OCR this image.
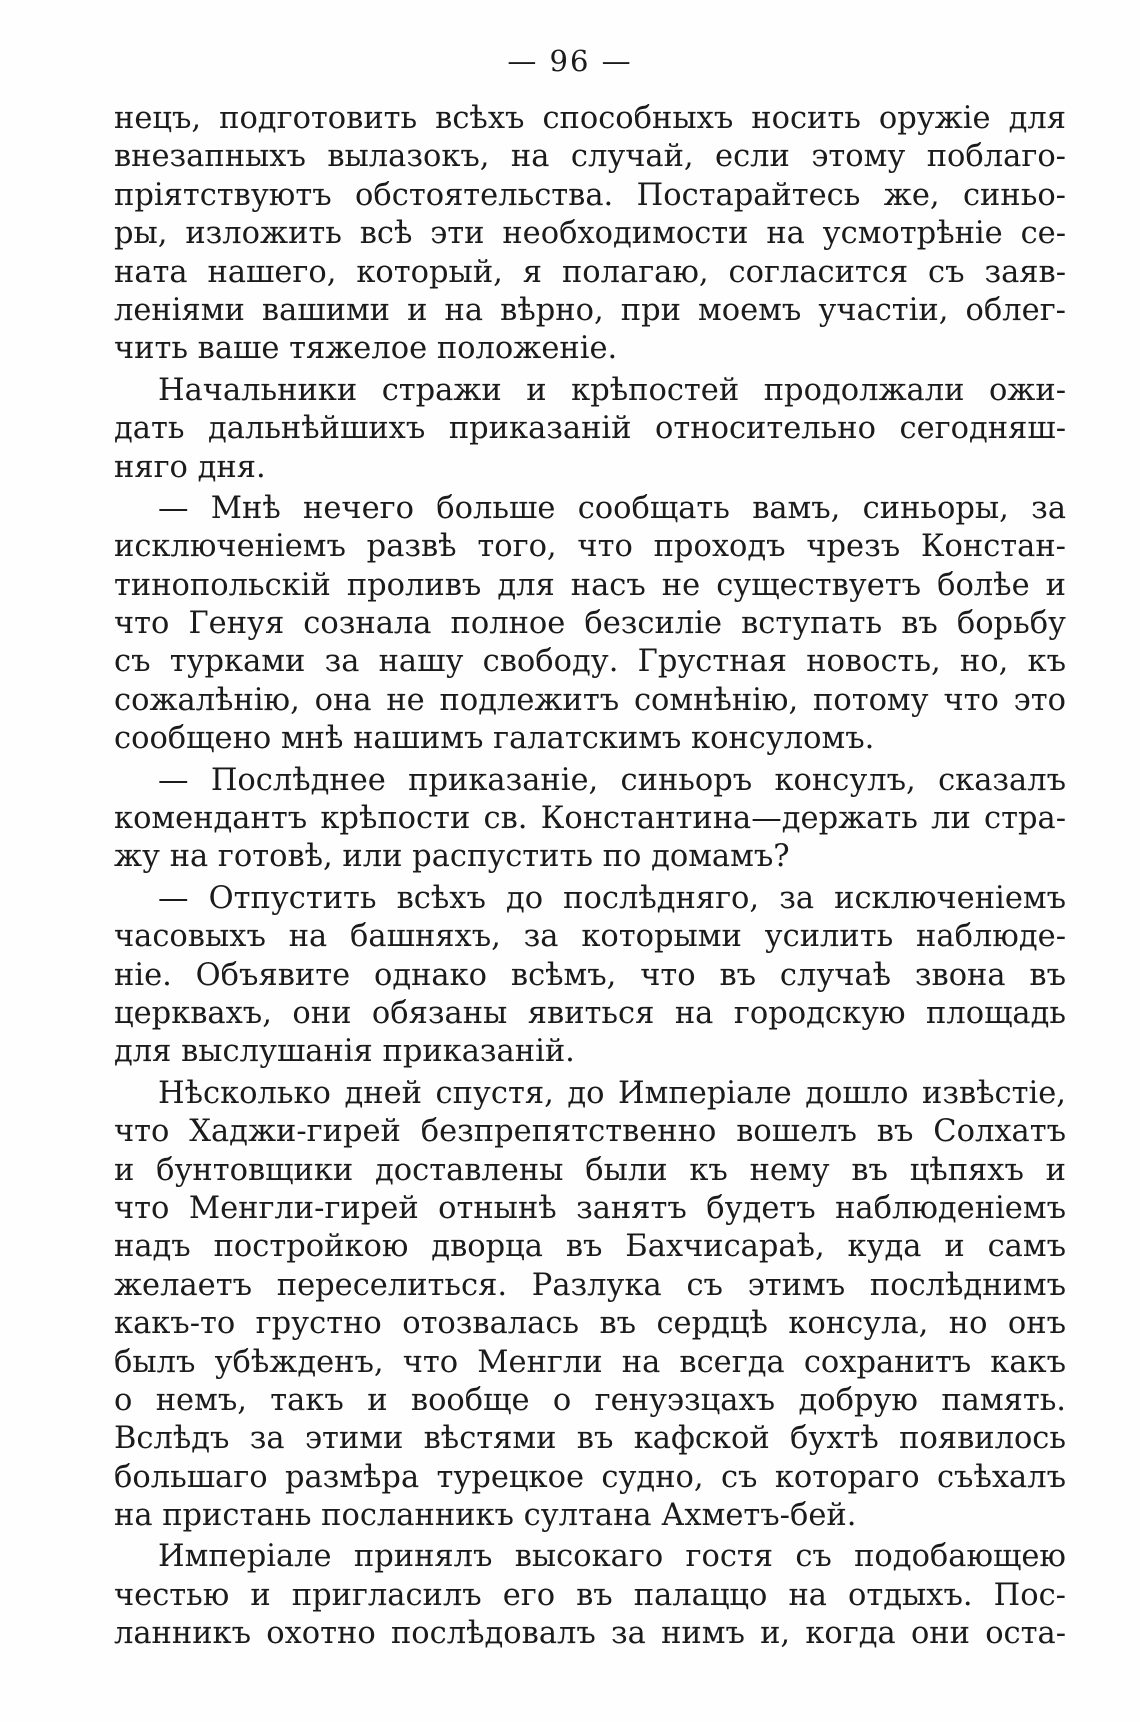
— 96 —
нецъ, подготовить всѣхъ способныхъ носить оружіе для
внезапныхъ вылазокъ, на случай, если этому поблаго-
пріятствуютъ обстоятельства. Постарайтесь же, синьо-
ры, изложить всѣ эти необходимости на усмотрѣніе се-
ната нашего, который, я полагаю, согласится съ заяв-
леніями вашими и на вѣрно, при моемъ участіи, облег-
чить ваше тяжелое положеніе.
Начальники стражи и крѣпостей продолжали ожи-
дать дальнѣйшихъ приказаній относительно сегодняш-
няго дня.
— Мнѣ нечего больше сообщать вамъ, синьоры, за
исключеніемъ развѣ того, что проходъ чрезъ Констан-
тинопольскій проливъ для насъ не существуетъ болѣе и
что Генуя сознала полное безсиліе вступать въ борьбу
съ турками за нашу свободу. Грустная новость, но, къ
сожалѣнію, она не подлежитъ сомнѣнію, потому что это
сообщено мнѣ нашимъ галатскимъ консуломъ.
— Послѣднее приказаніе, синьоръ консулъ, сказалъ
комендантъ крѣпости св. Константина—держать ли стра-
жу на готовѣ, или распустить по домамъ?
— Отпустить всѣхъ до послѣдняго, за исключеніемъ
часовыхъ на башняхъ, за которыми усилить наблюде-
ніе. Объявите однако всѣмъ, что въ случаѣ звона въ
церквахъ, они обязаны явиться на городскую площадь
для выслушанія приказаній.
Нѣсколько дней спустя, до Имперіале дошло извѣстіе,
что Хаджи-гирей безпрепятственно вошелъ въ Солхатъ
и бунтовщики доставлены были къ нему въ цѣпяхъ и
что Менгли-гирей отнынѣ занятъ будетъ наблюденіемъ
надъ постройкою дворца въ Бахчисараѣ, куда и самъ
желаетъ переселиться. Разлука съ этимъ послѣднимъ
какъ-то грустно отозвалась въ сердцѣ консула, но онъ
былъ убѣжденъ, что Менгли на всегда сохранитъ какъ
о немъ, такъ и вообще о генуэзцахъ добрую память.
Вслѣдъ за этими вѣстями въ кафской бухтѣ появилось
большаго размѣра турецкое судно, съ котораго съѣхалъ
на пристань посланникъ султана Ахметъ-бей.
Имперіале принялъ высокаго гостя съ подобающею
честью и пригласилъ его въ палаццо на отдыхъ. Пос-
ланникъ охотно послѣдовалъ за нимъ и, когда они оста-
